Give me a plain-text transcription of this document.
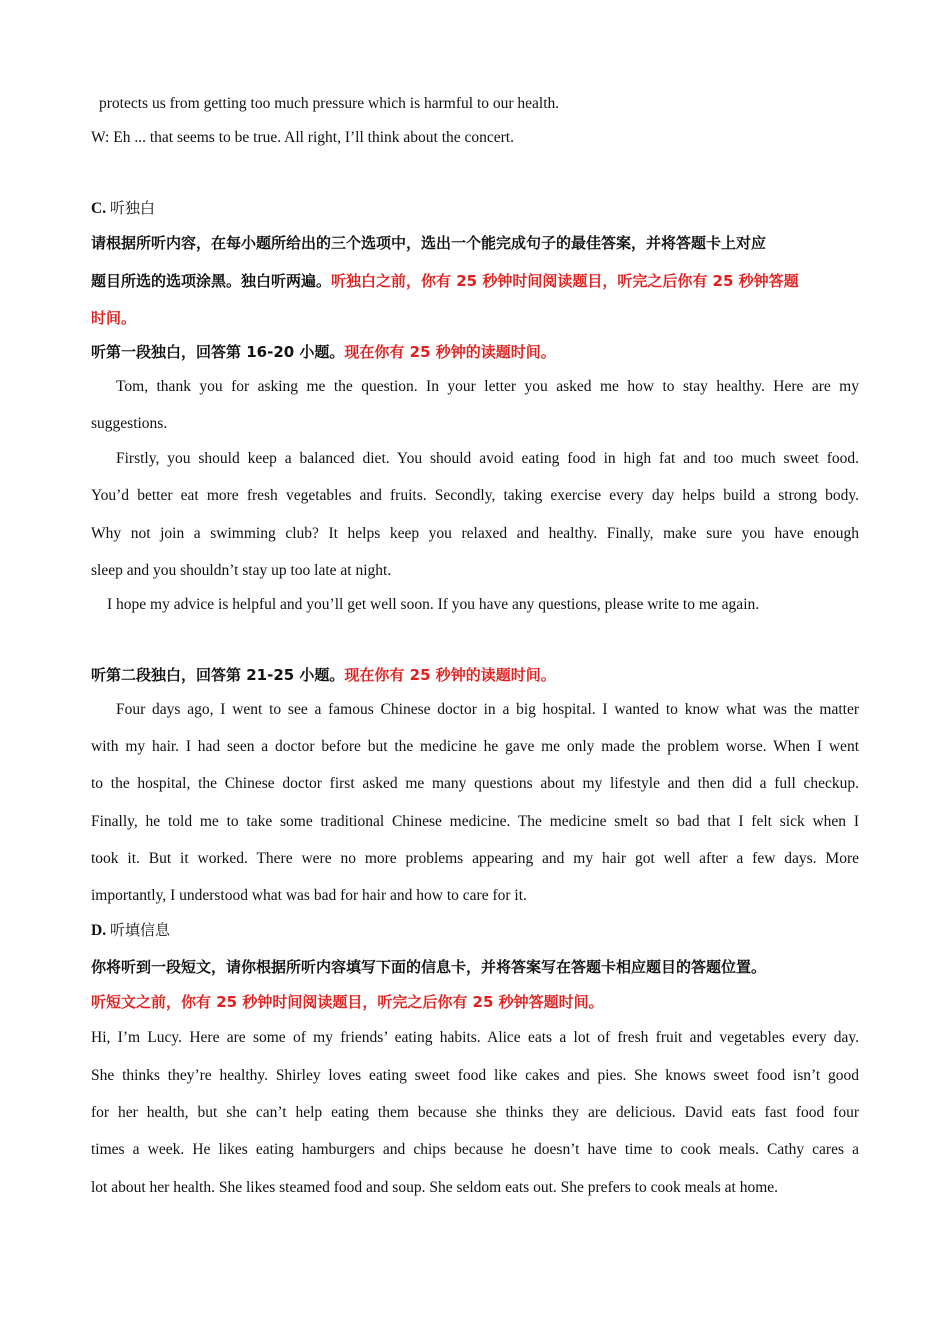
protects us from getting too much pressure which is harmful to our health.
W: Eh ... that seems to be true. All right, I’ll think about the concert.
C. 听独白
请根据所听内容，在每小题所给出的三个选项中，选出一个能完成句子的最佳答案，并将答题卡上对应
题目所选的选项涂黑。独白听两遍。听独白之前，你有 25 秒钟时间阅读题目，听完之后你有 25 秒钟答题
时间。
听第一段独白，回答第 16-20 小题。现在你有 25 秒钟的读题时间。
Tom, thank you for asking me the question. In your letter you asked me how to stay healthy. Here are my
suggestions.
Firstly, you should keep a balanced diet. You should avoid eating food in high fat and too much sweet food.
You’d better eat more fresh vegetables and fruits. Secondly, taking exercise every day helps build a strong body.
Why not join a swimming club? It helps keep you relaxed and healthy. Finally, make sure you have enough
sleep and you shouldn’t stay up too late at night.
I hope my advice is helpful and you’ll get well soon. If you have any questions, please write to me again.
听第二段独白，回答第 21-25 小题。现在你有 25 秒钟的读题时间。
Four days ago, I went to see a famous Chinese doctor in a big hospital. I wanted to know what was the matter
with my hair. I had seen a doctor before but the medicine he gave me only made the problem worse. When I went
to the hospital, the Chinese doctor first asked me many questions about my lifestyle and then did a full checkup.
Finally, he told me to take some traditional Chinese medicine. The medicine smelt so bad that I felt sick when I
took it. But it worked. There were no more problems appearing and my hair got well after a few days. More
importantly, I understood what was bad for hair and how to care for it.
D. 听填信息
你将听到一段短文，请你根据所听内容填写下面的信息卡，并将答案写在答题卡相应题目的答题位置。
听短文之前，你有 25 秒钟时间阅读题目，听完之后你有 25 秒钟答题时间。
Hi, I’m Lucy. Here are some of my friends’ eating habits. Alice eats a lot of fresh fruit and vegetables every day.
She thinks they’re healthy. Shirley loves eating sweet food like cakes and pies. She knows sweet food isn’t good
for her health, but she can’t help eating them because she thinks they are delicious. David eats fast food four
times a week. He likes eating hamburgers and chips because he doesn’t have time to cook meals. Cathy cares a
lot about her health. She likes steamed food and soup. She seldom eats out. She prefers to cook meals at home.
